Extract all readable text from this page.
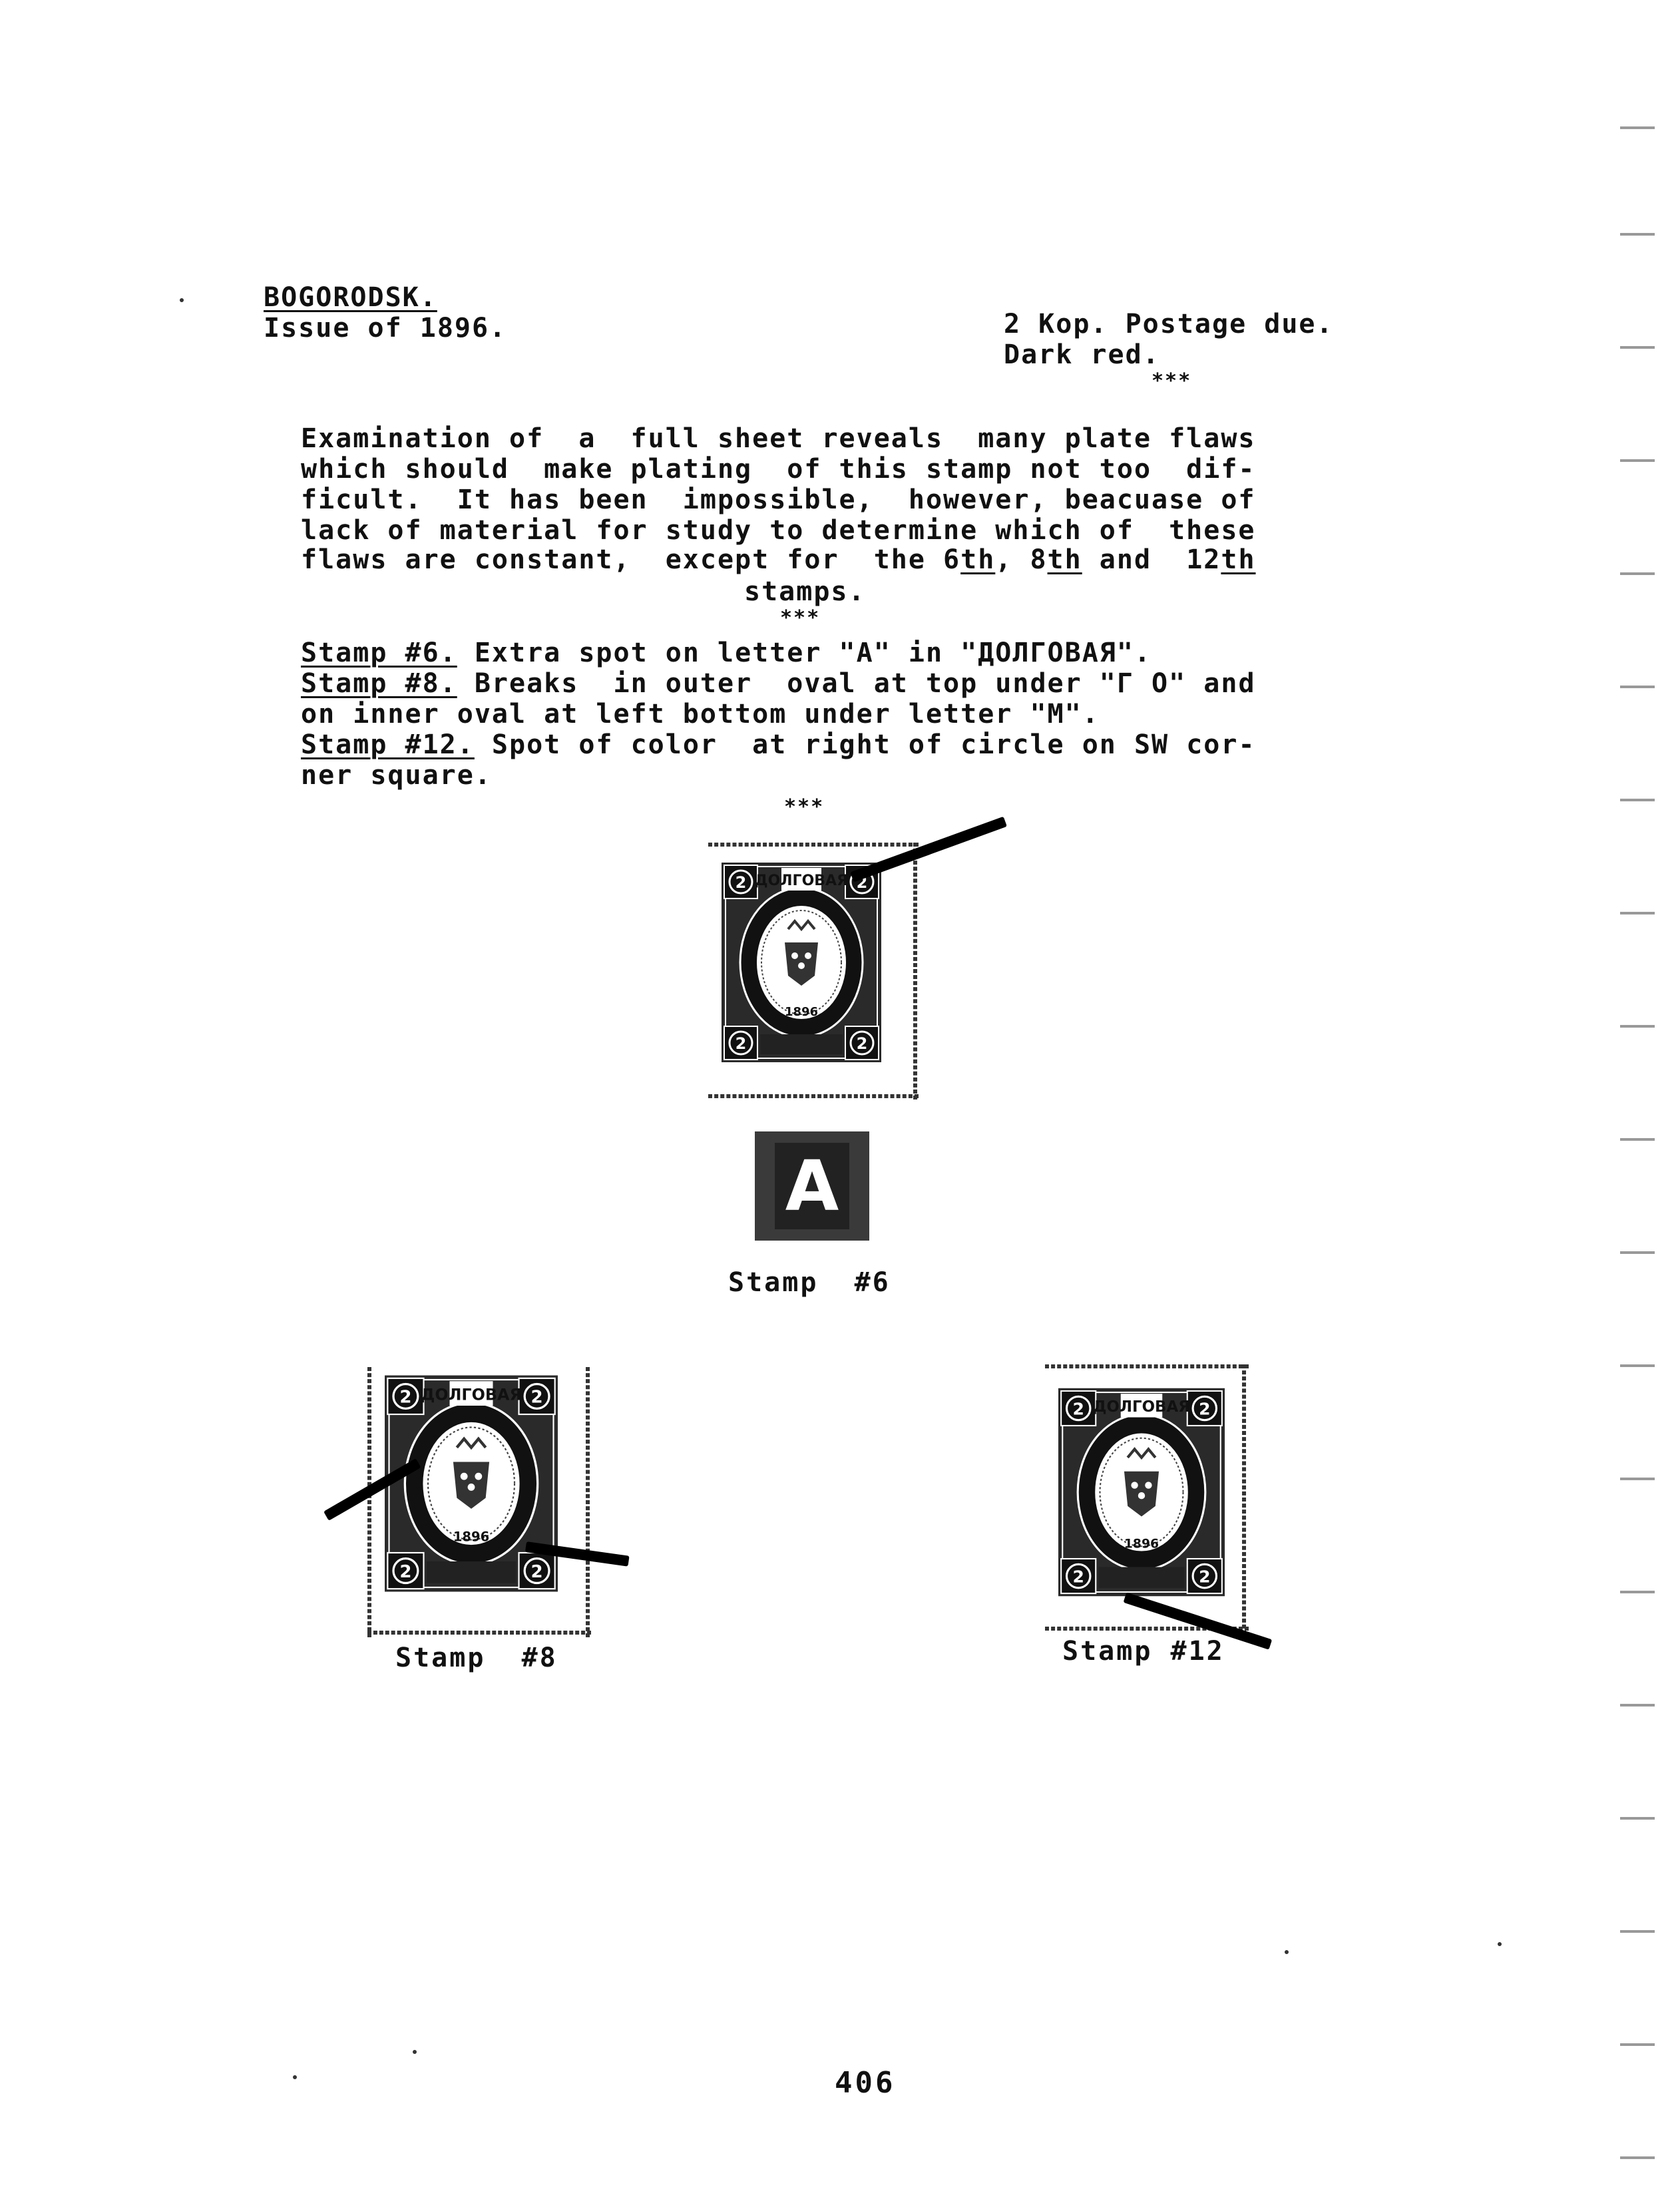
BOGORODSK.
Issue of 1896.	2 Kop. Postage due.
Dark red.
***
Examination of  a  full sheet reveals  many plate flaws
which should  make plating  of this stamp not too  dif-
ficult.  It has been  impossible,  however, beacuase of
lack of material for study to determine which of  these
flaws are constant,  except for  the 6th, 8th and  12th
stamps.
***
Stamp #6. Extra spot on letter "A" in "ДОЛГОВАЯ".
Stamp #8. Breaks  in outer  oval at top under "Г О" and
on inner oval at left bottom under letter "M".
Stamp #12. Spot of color  at right of circle on SW cor-
ner square.
***
ДОЛГОВАЯ
1896
A
Stamp  #6
ДОЛГОВАЯ
1896
Stamp  #8
ДОЛГОВАЯ
1896
Stamp #12
406
